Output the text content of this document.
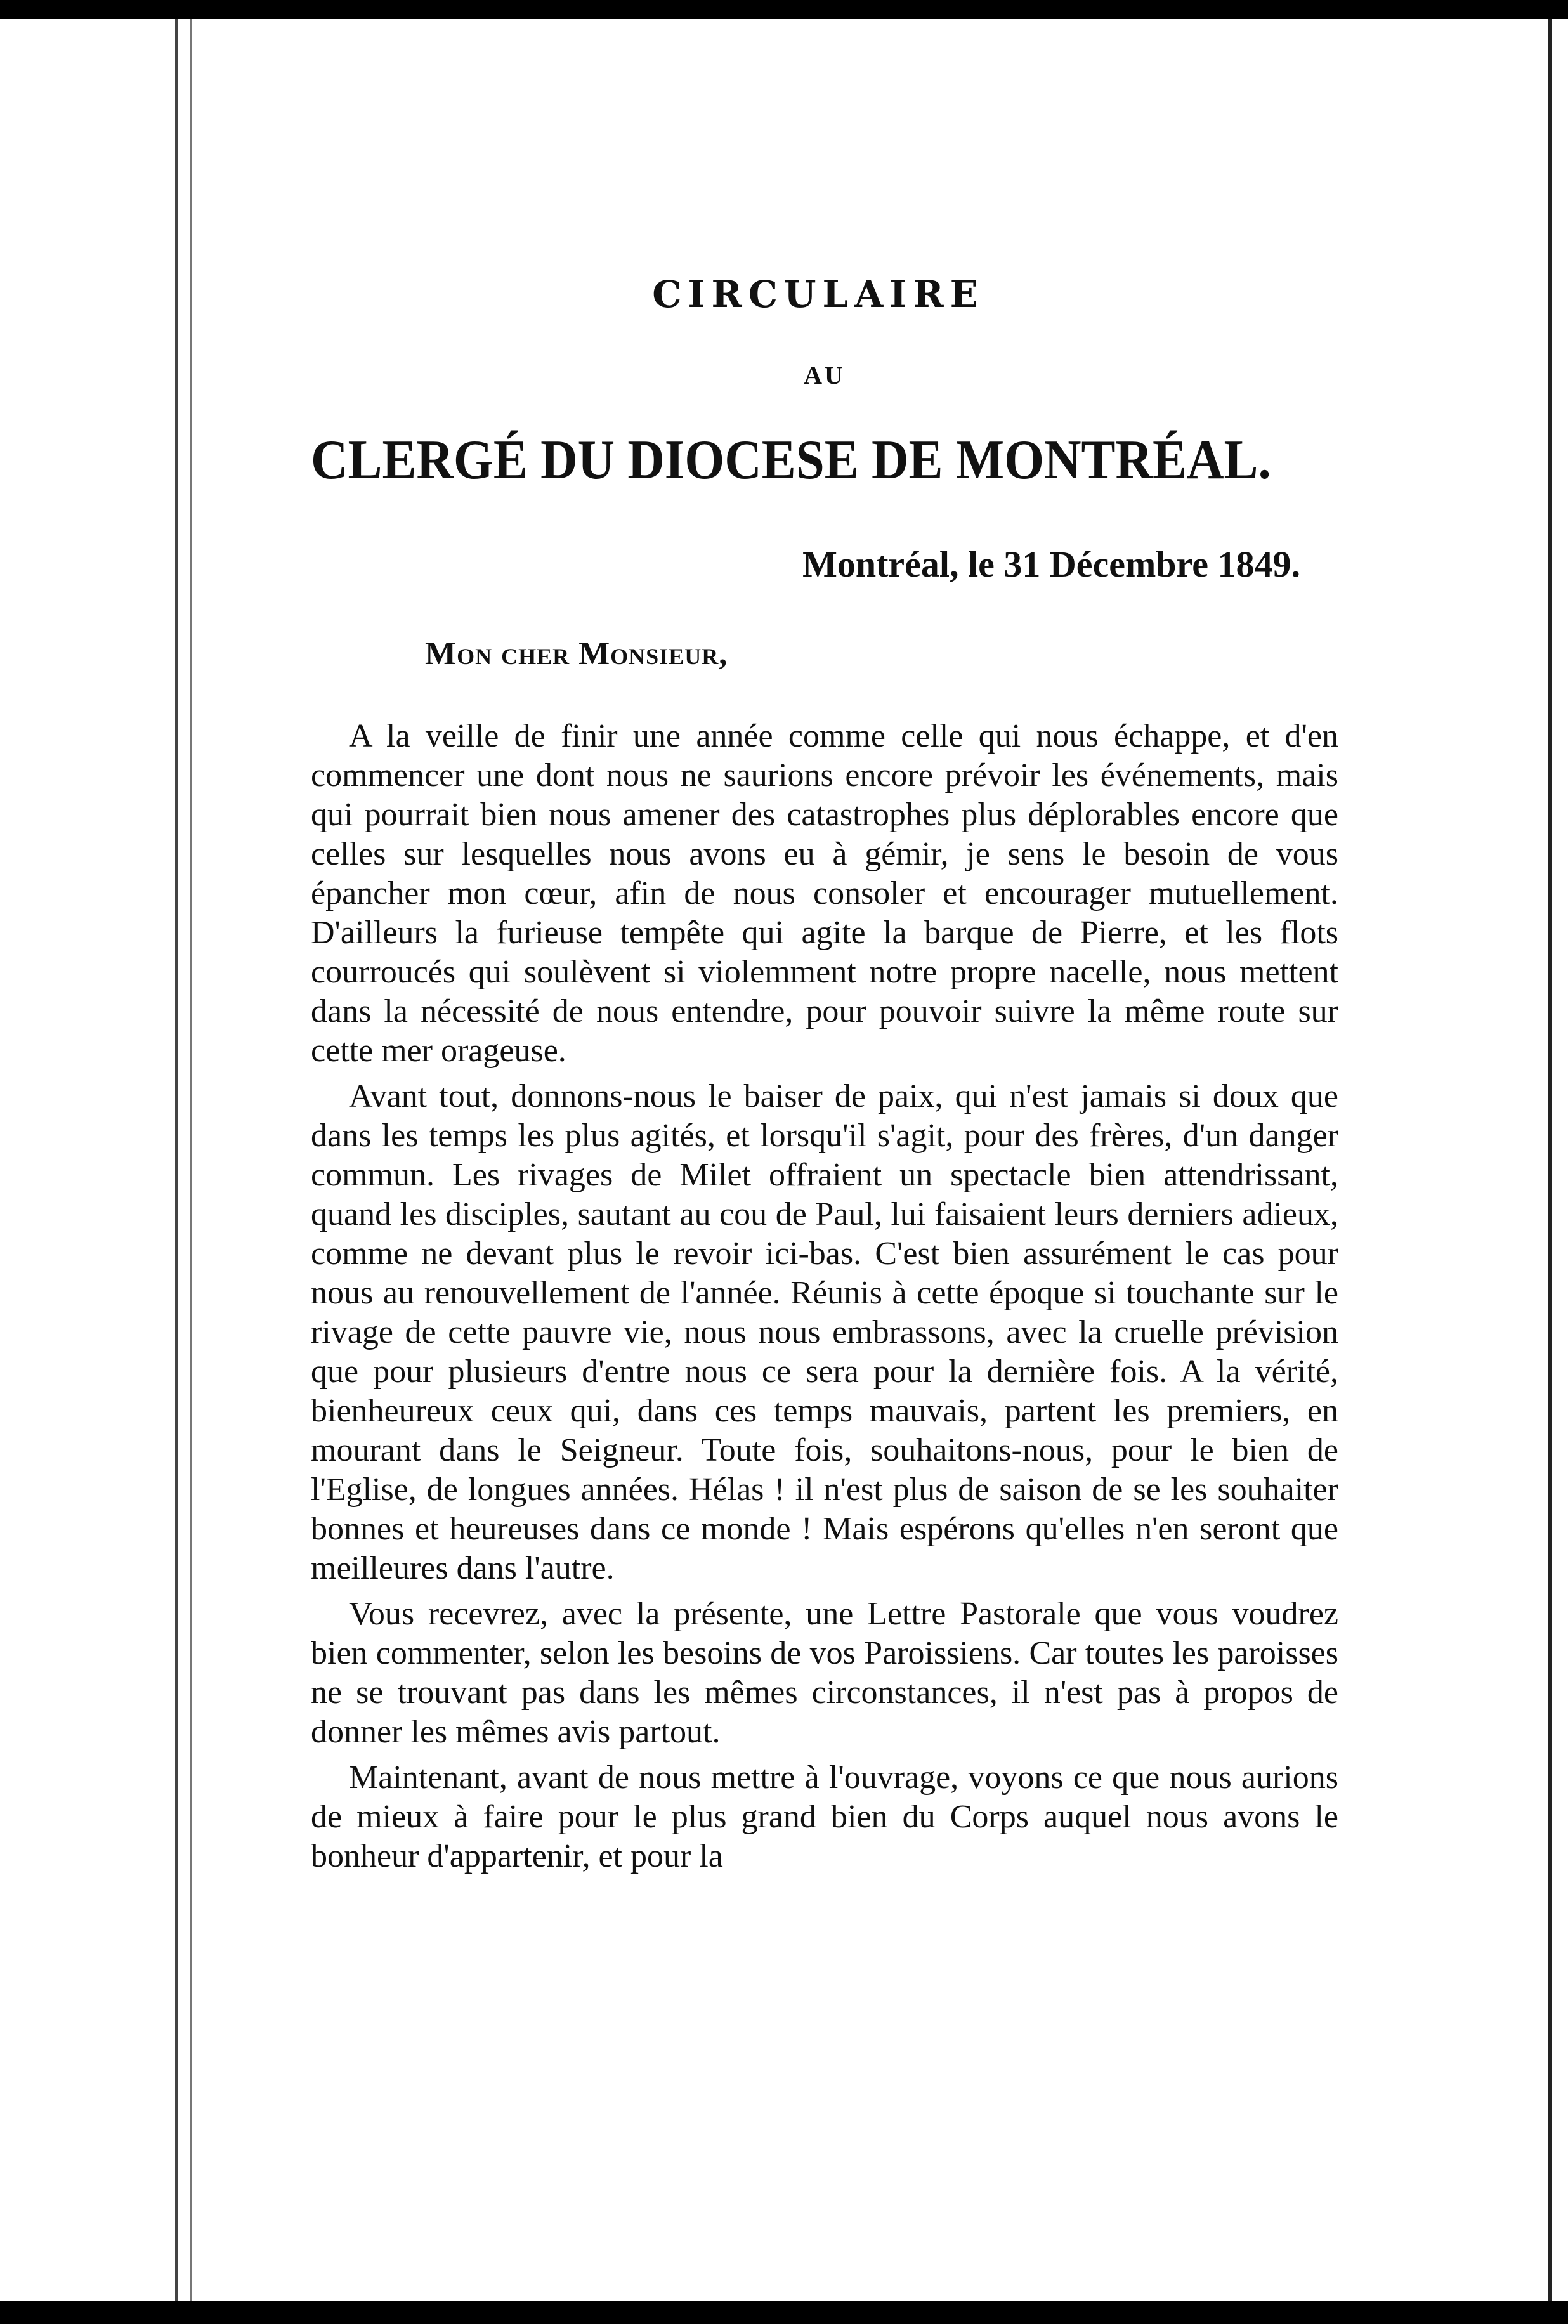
CIRCULAIRE
AU
CLERGÉ DU DIOCESE DE MONTRÉAL.
Montréal, le 31 Décembre 1849.
Mon cher Monsieur,

A la veille de finir une année comme celle qui nous échappe, et d'en commencer une dont nous ne saurions encore prévoir les événements, mais qui pourrait bien nous amener des catastrophes plus déplorables encore que celles sur lesquelles nous avons eu à gémir, je sens le besoin de vous épancher mon cœur, afin de nous consoler et encourager mutuellement. D'ailleurs la furieuse tempête qui agite la barque de Pierre, et les flots courroucés qui soulèvent si violemment notre propre nacelle, nous mettent dans la nécessité de nous entendre, pour pouvoir suivre la même route sur cette mer orageuse.

Avant tout, donnons-nous le baiser de paix, qui n'est jamais si doux que dans les temps les plus agités, et lorsqu'il s'agit, pour des frères, d'un danger commun. Les rivages de Milet offraient un spectacle bien attendrissant, quand les disciples, sautant au cou de Paul, lui faisaient leurs derniers adieux, comme ne devant plus le revoir ici-bas. C'est bien assurément le cas pour nous au renouvellement de l'année. Réunis à cette époque si touchante sur le rivage de cette pauvre vie, nous nous embrassons, avec la cruelle prévision que pour plusieurs d'entre nous ce sera pour la dernière fois. A la vérité, bienheureux ceux qui, dans ces temps mauvais, partent les premiers, en mourant dans le Seigneur. Toute fois, souhaitons-nous, pour le bien de l'Eglise, de longues années. Hélas ! il n'est plus de saison de se les souhaiter bonnes et heureuses dans ce monde ! Mais espérons qu'elles n'en seront que meilleures dans l'autre.

Vous recevrez, avec la présente, une Lettre Pastorale que vous voudrez bien commenter, selon les besoins de vos Paroissiens. Car toutes les paroisses ne se trouvant pas dans les mêmes circonstances, il n'est pas à propos de donner les mêmes avis partout.

Maintenant, avant de nous mettre à l'ouvrage, voyons ce que nous aurions de mieux à faire pour le plus grand bien du Corps auquel nous avons le bonheur d'appartenir, et pour la
